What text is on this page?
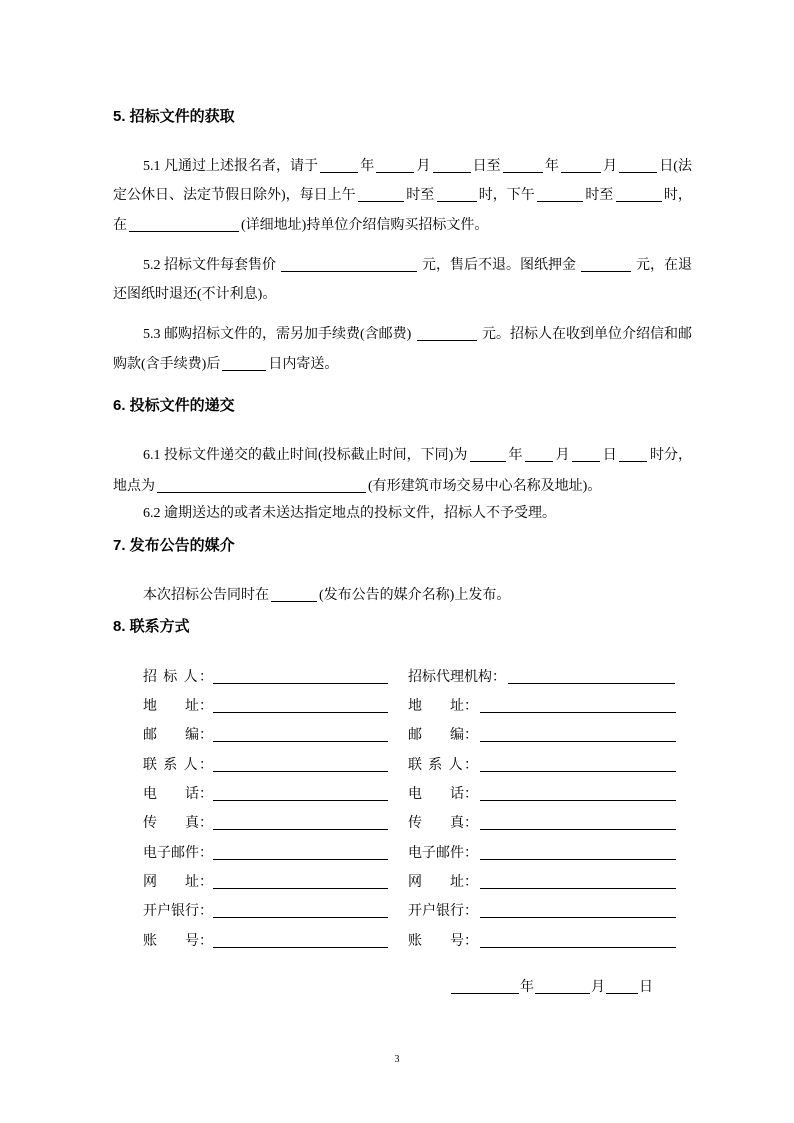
5. 招标文件的获取
5.1 凡通过上述报名者，请于	年	月	日至	年	月	日(法
定公休日、法定节假日除外)，每日上午	时至	时，下午	时至	时，
在	(详细地址)持单位介绍信购买招标文件。
5.2 招标文件每套售价	元，售后不退。图纸押金	元，在退
还图纸时退还(不计利息)。
5.3 邮购招标文件的，需另加手续费(含邮费)	元。招标人在收到单位介绍信和邮
购款(含手续费)后	日内寄送。
6. 投标文件的递交
6.1 投标文件递交的截止时间(投标截止时间，下同)为	年 月 日 时分，
地点为	(有形建筑市场交易中心名称及地址)。
6.2 逾期送达的或者未送达指定地点的投标文件，招标人不予受理。
7. 发布公告的媒介
本次招标公告同时在	(发布公告的媒介名称)上发布。
8. 联系方式
招 标 人：	招标代理机构：
地　　址：	地　　址：
邮　　编：	邮　　编：
联 系 人：	联 系 人：
电　　话：	电　　话：
传　　真：	传　　真：
电子邮件：	电子邮件：
网　　址：	网　　址：
开户银行：	开户银行：
账　　号：	账　　号：
年	月 日
3
